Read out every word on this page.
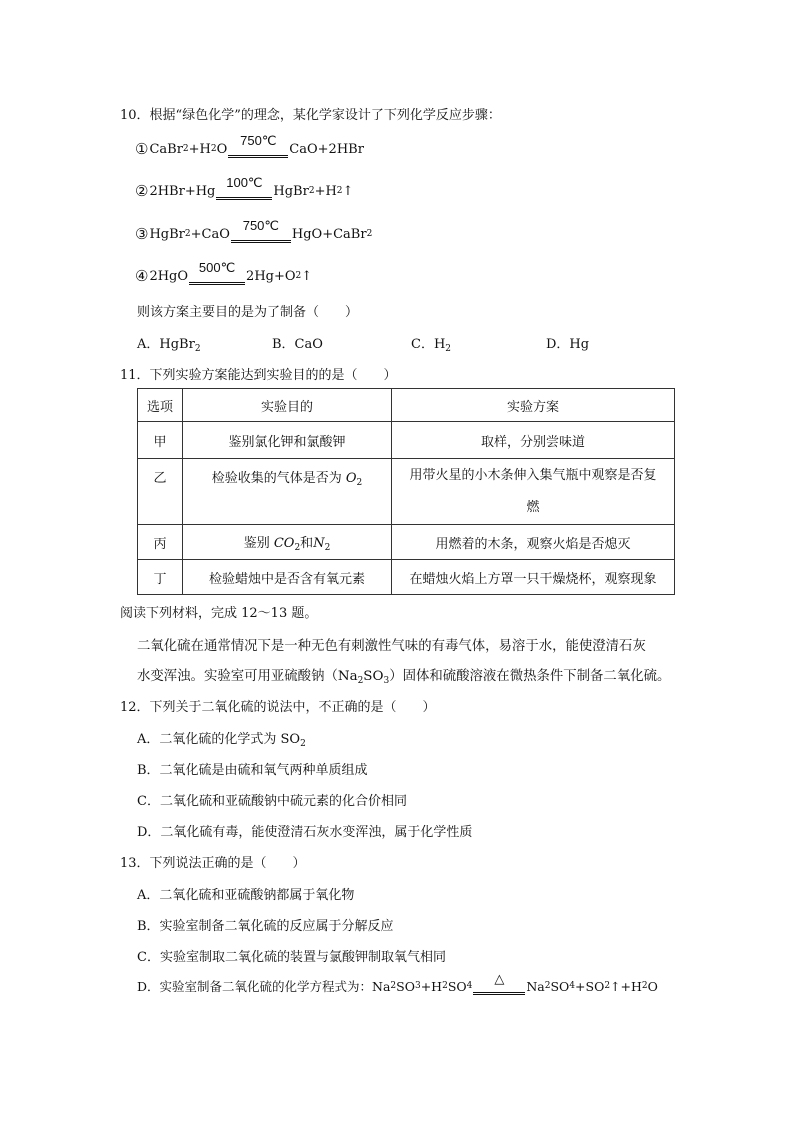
10．根据“绿色化学”的理念，某化学家设计了下列化学反应步骤：
① CaBr 2 +H 2 O
750℃
CaO+2HBr
② 2HBr+Hg
100℃
HgBr 2 +H 2 ↑
③ HgBr 2 +CaO
750℃
HgO+CaBr 2
④ 2HgO
500℃
2Hg+O 2 ↑
则该方案主要目的是为了制备（　　）
A．HgBr$_2$	B．CaO	C．$H_2$	D．Hg
11．下列实验方案能达到实验目的的是（　　）
选项	实验目的	实验方案
甲	鉴别氯化钾和氯酸钾	取样，分别尝味道
乙	检验收集的气体是否为 $O_2$	用带火星的小木条伸入集气瓶中观察是否复
燃
丙	鉴别 $CO_2$和$N_2$	用燃着的木条，观察火焰是否熄灭
丁	检验蜡烛中是否含有氧元素	在蜡烛火焰上方罩一只干燥烧杯，观察现象
阅读下列材料，完成 12～13 题。
二氧化硫在通常情况下是一种无色有刺激性气味的有毒气体，易溶于水，能使澄清石灰
水变浑浊。实验室可用亚硫酸钠$(Na_2SO_3)$固体和硫酸溶液在微热条件下制备二氧化硫。
12．下列关于二氧化硫的说法中，不正确的是（　　）
A．二氧化硫的化学式为 $SO_2$
B．二氧化硫是由硫和氧气两种单质组成
C．二氧化硫和亚硫酸钠中硫元素的化合价相同
D．二氧化硫有毒，能使澄清石灰水变浑浊，属于化学性质
13．下列说法正确的是（　　）
A．二氧化硫和亚硫酸钠都属于氧化物
B．实验室制备二氧化硫的反应属于分解反应
C．实验室制取二氧化硫的装置与氯酸钾制取氧气相同
D．实验室制备二氧化硫的化学方程式为：Na 2 SO 3 +H 2 SO 4
△
Na 2 SO 4 +SO 2 ↑+H 2 O
